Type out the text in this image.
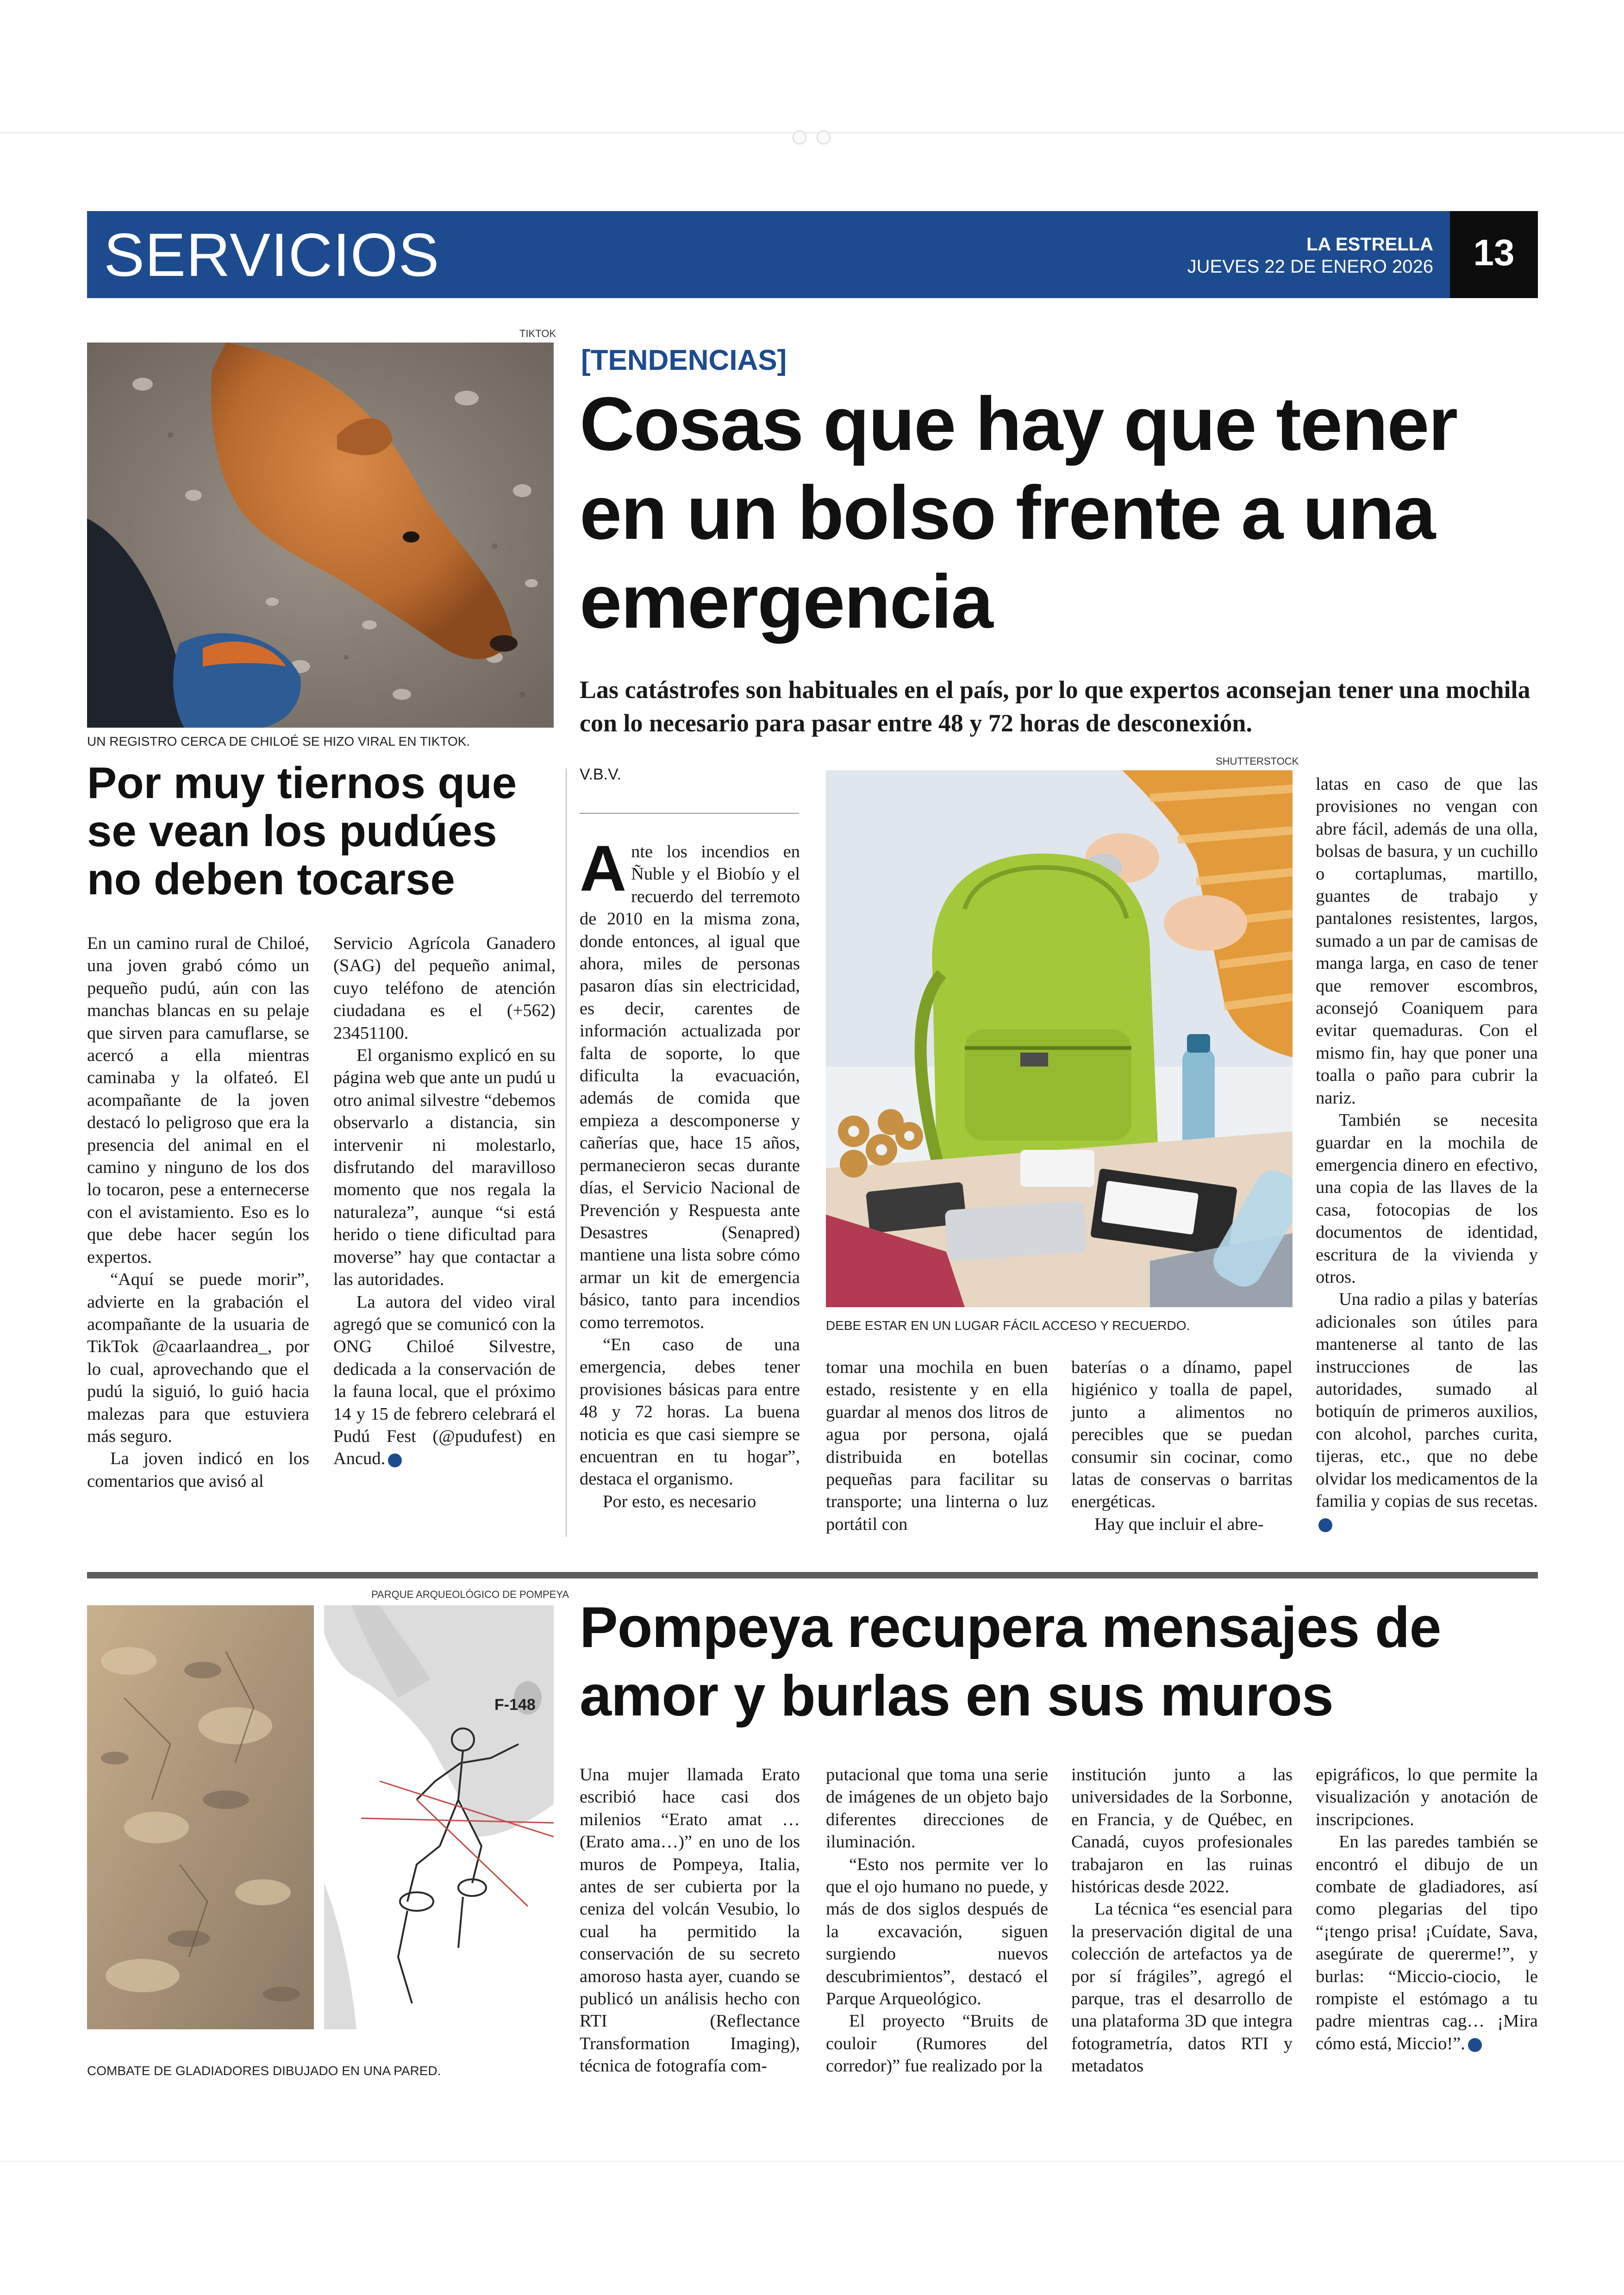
SERVICIOS	LA ESTRELLA
JUEVES 22 DE ENERO 2026	13
TIKTOK
UN REGISTRO CERCA DE CHILOÉ SE HIZO VIRAL EN TIKTOK.
Por muy tiernos que se vean los pudúes no deben tocarse

En un camino rural de Chiloé, una joven grabó cómo un pequeño pudú, aún con las manchas blancas en su pelaje que sirven para camuflarse, se acercó a ella mientras caminaba y la olfateó. El acompañante de la joven destacó lo peligroso que era la presencia del animal en el camino y ninguno de los dos lo tocaron, pese a enternecerse con el avistamiento. Eso es lo que debe hacer según los expertos.

“Aquí se puede morir”, advierte en la grabación el acompañante de la usuaria de TikTok @caarlaandrea_, por lo cual, aprovechando que el pudú la siguió, lo guió hacia malezas para que estuviera más seguro.

La joven indicó en los comentarios que avisó al

Servicio Agrícola Ganadero (SAG) del pequeño animal, cuyo teléfono de atención ciudadana es el (+562) 23451100.

El organismo explicó en su página web que ante un pudú u otro animal silvestre “debemos observarlo a distancia, sin intervenir ni molestarlo, disfrutando del maravilloso momento que nos regala la naturaleza”, aunque “si está herido o tiene dificultad para moverse” hay que contactar a las autoridades.

La autora del video viral agregó que se comunicó con la ONG Chiloé Silvestre, dedicada a la conservación de la fauna local, que el próximo 14 y 15 de febrero celebrará el Pudú Fest (@pudufest) en Ancud.	✪

[TENDENCIAS]
Cosas que hay que tener en un bolso frente a una emergencia
Las catástrofes son habituales en el país, por lo que expertos aconsejan tener una mochila con lo necesario para pasar entre 48 y 72 horas de desconexión.
V.B.V.
SHUTTERSTOCK
DEBE ESTAR EN UN LUGAR FÁCIL ACCESO Y RECUERDO.

Ante los incendios en Ñuble y el Biobío y el recuerdo del terremoto de 2010 en la misma zona, donde entonces, al igual que ahora, miles de personas pasaron días sin electricidad, es decir, carentes de información actualizada por falta de soporte, lo que dificulta la evacuación, además de comida que empieza a descomponerse y cañerías que, hace 15 años, permanecieron secas durante días, el Servicio Nacional de Prevención y Respuesta ante Desastres (Senapred) mantiene una lista sobre cómo armar un kit de emergencia básico, tanto para incendios como terremotos.

“En caso de una emergencia, debes tener provisiones básicas para entre 48 y 72 horas. La buena noticia es que casi siempre se encuentran en tu hogar”, destaca el organismo.

Por esto, es necesario

tomar una mochila en buen estado, resistente y en ella guardar al menos dos litros de agua por persona, ojalá distribuida en botellas pequeñas para facilitar su transporte; una linterna o luz portátil con

baterías o a dínamo, papel higiénico y toalla de papel, junto a alimentos no perecibles que se puedan consumir sin cocinar, como latas de conservas o barritas energéticas.

Hay que incluir el abre-

latas en caso de que las provisiones no vengan con abre fácil, además de una olla, bolsas de basura, y un cuchillo o cortaplumas, martillo, guantes de trabajo y pantalones resistentes, largos, sumado a un par de camisas de manga larga, en caso de tener que remover escombros, aconsejó Coaniquem para evitar quemaduras. Con el mismo fin, hay que poner una toalla o paño para cubrir la nariz.

También se necesita guardar en la mochila de emergencia dinero en efectivo, una copia de las llaves de la casa, fotocopias de los documentos de identidad, escritura de la vivienda y otros.

Una radio a pilas y baterías adicionales son útiles para mantenerse al tanto de las instrucciones de las autoridades, sumado al botiquín de primeros auxilios, con alcohol, parches curita, tijeras, etc., que no debe olvidar los medicamentos de la familia y copias de sus recetas.✪

PARQUE ARQUEOLÓGICO DE POMPEYA
F-148
COMBATE DE GLADIADORES DIBUJADO EN UNA PARED.
Pompeya recupera mensajes de amor y burlas en sus muros

Una mujer llamada Erato escribió hace casi dos milenios “Erato amat … (Erato ama…)” en uno de los muros de Pompeya, Italia, antes de ser cubierta por la ceniza del volcán Vesubio, lo cual ha permitido la conservación de su secreto amoroso hasta ayer, cuando se publicó un análisis hecho con RTI (Reflectance Transformation Imaging), técnica de fotografía com-

putacional que toma una serie de imágenes de un objeto bajo diferentes direcciones de iluminación.

“Esto nos permite ver lo que el ojo humano no puede, y más de dos siglos después de la excavación, siguen surgiendo nuevos descubrimientos”, destacó el Parque Arqueológico.

El proyecto “Bruits de couloir (Rumores del corredor)” fue realizado por la

institución junto a las universidades de la Sorbonne, en Francia, y de Québec, en Canadá, cuyos profesionales trabajaron en las ruinas históricas desde 2022.

La técnica “es esencial para la preservación digital de una colección de artefactos ya de por sí frágiles”, agregó el parque, tras el desarrollo de una plataforma 3D que integra fotogrametría, datos RTI y metadatos

epigráficos, lo que permite la visualización y anotación de inscripciones.

En las paredes también se encontró el dibujo de un combate de gladiadores, así como plegarias del tipo “¡tengo prisa! ¡Cuídate, Sava, asegúrate de quererme!”, y burlas: “Miccio-ciocio, le rompiste el estómago a tu padre mientras cag… ¡Mira cómo está, Miccio!”.	✪
